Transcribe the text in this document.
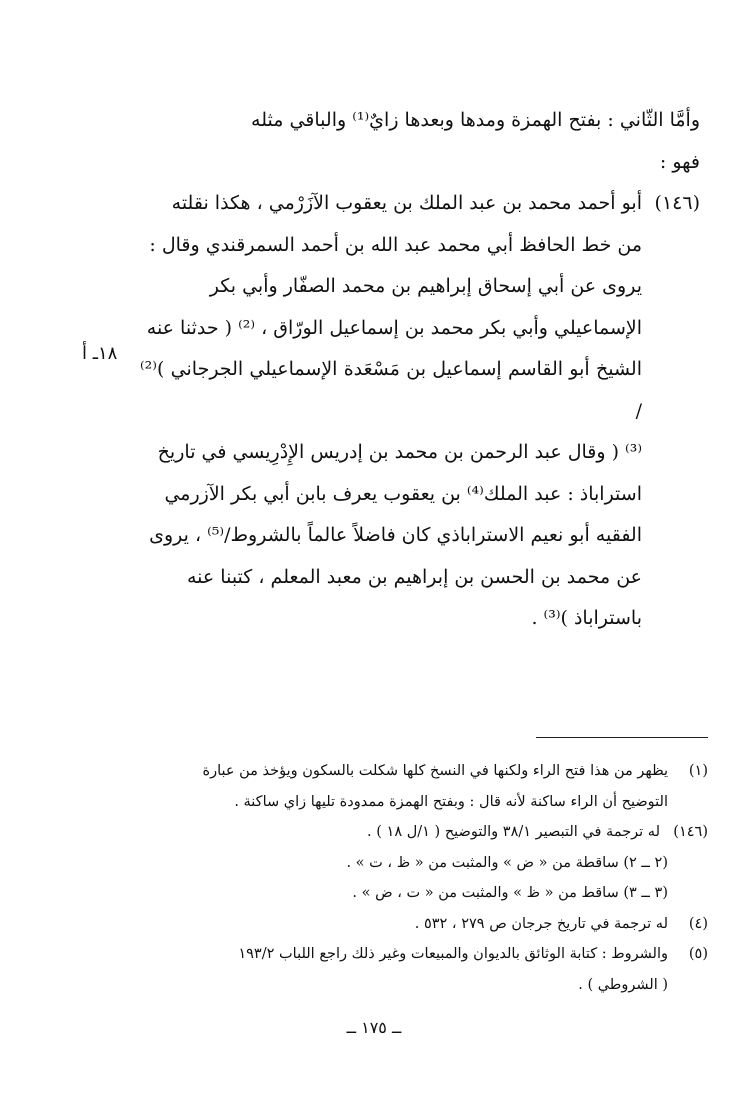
وأمَّا الثّاني : بفتح الهمزة ومدها وبعدها زايٌ⁽¹⁾ والباقي مثله

فهو :

(١٤٦)

أبو أحمد محمد بن عبد الملك بن يعقوب الآزَرْمي ، هكذا نقلته

من خط الحافظ أبي محمد عبد الله بن أحمد السمرقندي وقال :

يروى عن أبي إسحاق إبراهيم بن محمد الصفّار وأبي بكر

الإسماعيلي وأبي بكر محمد بن إسماعيل الورّاق ، ⁽²⁾ ( حدثنا عنه

الشيخ أبو القاسم إسماعيل بن مَسْعَدة الإسماعيلي الجرجاني )⁽²⁾ /

⁽³⁾ ( وقال عبد الرحمن بن محمد بن إدريس الإِدْرِيسي في تاريخ

استراباذ : عبد الملك⁽⁴⁾ بن يعقوب يعرف بابن أبي بكر الآزرمي

الفقيه أبو نعيم الاستراباذي كان فاضلاً عالماً بالشروط/⁽⁵⁾ ، يروى

عن محمد بن الحسن بن إبراهيم بن معبد المعلم ، كتبنا عنه

باستراباذ )⁽³⁾ .

١٨ـ أ
(١)
يظهر من هذا فتح الراء ولكنها في النسخ كلها شكلت بالسكون ويؤخذ من عبارة
التوضيح أن الراء ساكنة لأنه قال : وبفتح الهمزة ممدودة تليها زاي ساكنة .
(١٤٦)
له ترجمة في التبصير ٣٨/١ والتوضيح ( ١/ل ١٨ ) .
(٢ ــ ٢) ساقطة من « ض » والمثبت من « ظ ، ت » .
(٣ ــ ٣) ساقط من « ظ » والمثبت من « ت ، ض » .
(٤)
له ترجمة في تاريخ جرجان ص ٢٧٩ ، ٥٣٢ .
(٥)
والشروط : كتابة الوثائق بالديوان والمبيعات وغير ذلك راجع اللباب ١٩٣/٢
( الشروطي ) .
ــ ١٧٥ ــ
